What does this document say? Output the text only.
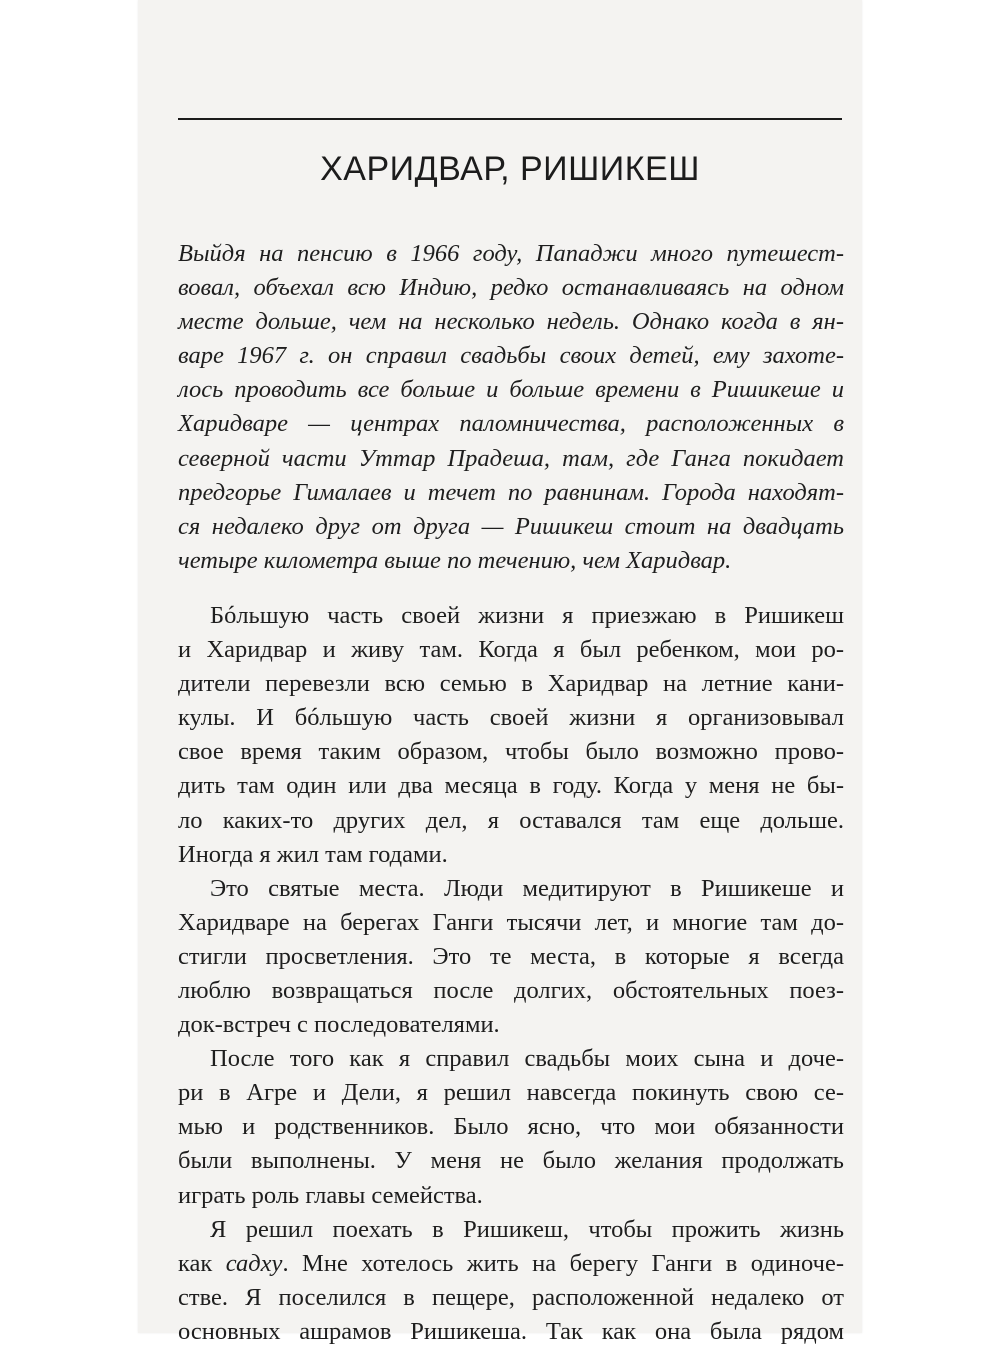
ХАРИДВАР, РИШИКЕШ
Выйдя на пенсию в 1966 году, Пападжи много путешест-
вовал, объехал всю Индию, редко останавливаясь на одном
месте дольше, чем на несколько недель. Однако когда в ян-
варе 1967 г. он справил свадьбы своих детей, ему захоте-
лось проводить все больше и больше времени в Ришикеше и
Харидваре — центрах паломничества, расположенных в
северной части Уттар Прадеша, там, где Ганга покидает
предгорье Гималаев и течет по равнинам. Города находят-
ся недалеко друг от друга — Ришикеш стоит на двадцать
четыре километра выше по течению, чем Харидвар.
Бóльшую часть своей жизни я приезжаю в Ришикеш
и Харидвар и живу там. Когда я был ребенком, мои ро-
дители перевезли всю семью в Харидвар на летние кани-
кулы. И бóльшую часть своей жизни я организовывал
свое время таким образом, чтобы было возможно прово-
дить там один или два месяца в году. Когда у меня не бы-
ло каких-то других дел, я оставался там еще дольше.
Иногда я жил там годами.
Это святые места. Люди медитируют в Ришикеше и
Харидваре на берегах Ганги тысячи лет, и многие там до-
стигли просветления. Это те места, в которые я всегда
люблю возвращаться после долгих, обстоятельных поез-
док-встреч с последователями.
После того как я справил свадьбы моих сына и доче-
ри в Агре и Дели, я решил навсегда покинуть свою се-
мью и родственников. Было ясно, что мои обязанности
были выполнены. У меня не было желания продолжать
играть роль главы семейства.
Я решил поехать в Ришикеш, чтобы прожить жизнь
как садху. Мне хотелось жить на берегу Ганги в одиноче-
стве. Я поселился в пещере, расположенной недалеко от
основных ашрамов Ришикеша. Так как она была рядом
